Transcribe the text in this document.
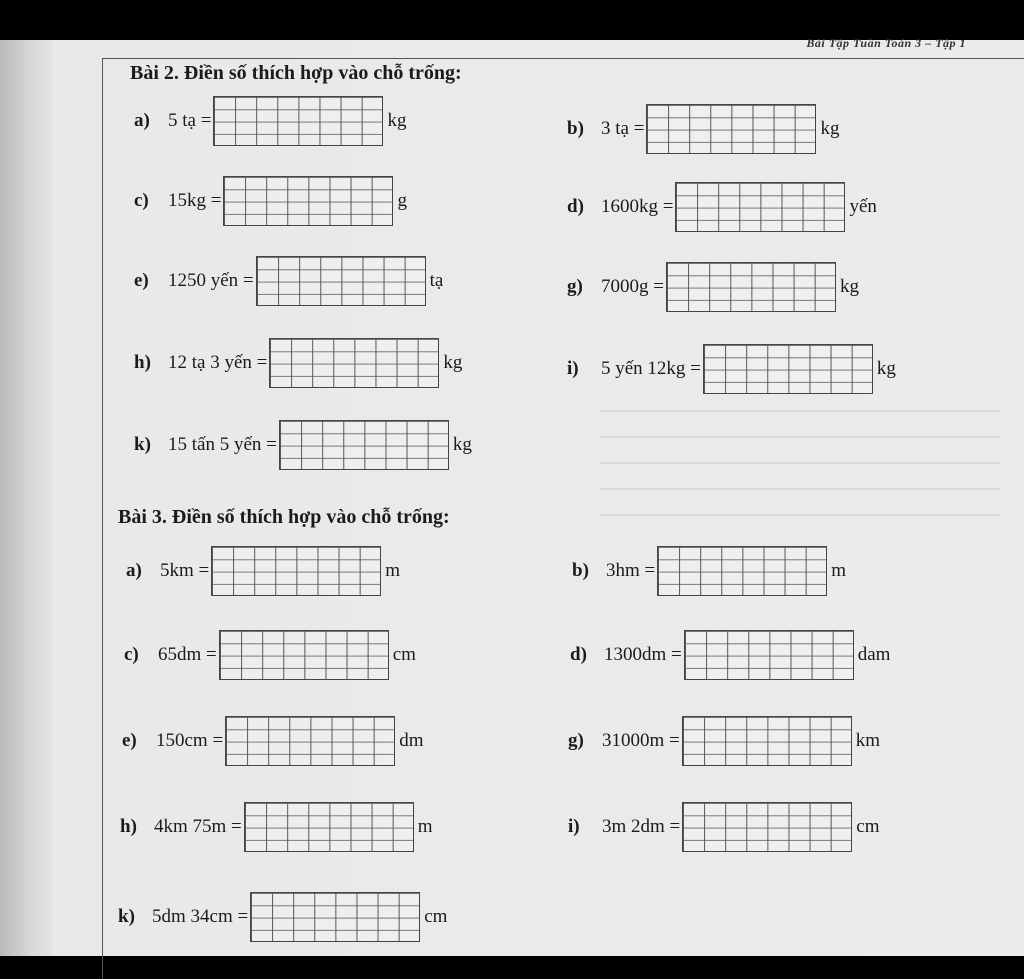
Bài Tập Tuần Toán 3 – Tập 1
Bài 2. Điền số thích hợp vào chỗ trống:
a) 5 tạ =	kg	b) 3 tạ =	kg
c)	15kg =	g	d) 1600kg =	yến
e)	1250 yến =	tạ	g) 7000g =	kg
h) 12 tạ 3 yến =	kg	i)	5 yến 12kg =	kg
k) 15 tấn 5 yến =	kg
Bài 3. Điền số thích hợp vào chỗ trống:
a) 5km =	m	b) 3hm =	m
c)	65dm =	cm	d) 1300dm =	dam
e)	150cm =	dm	g) 31000m =	km
h) 4km 75m =	m	i)	3m 2dm =	cm
k) 5dm 34cm =	cm
